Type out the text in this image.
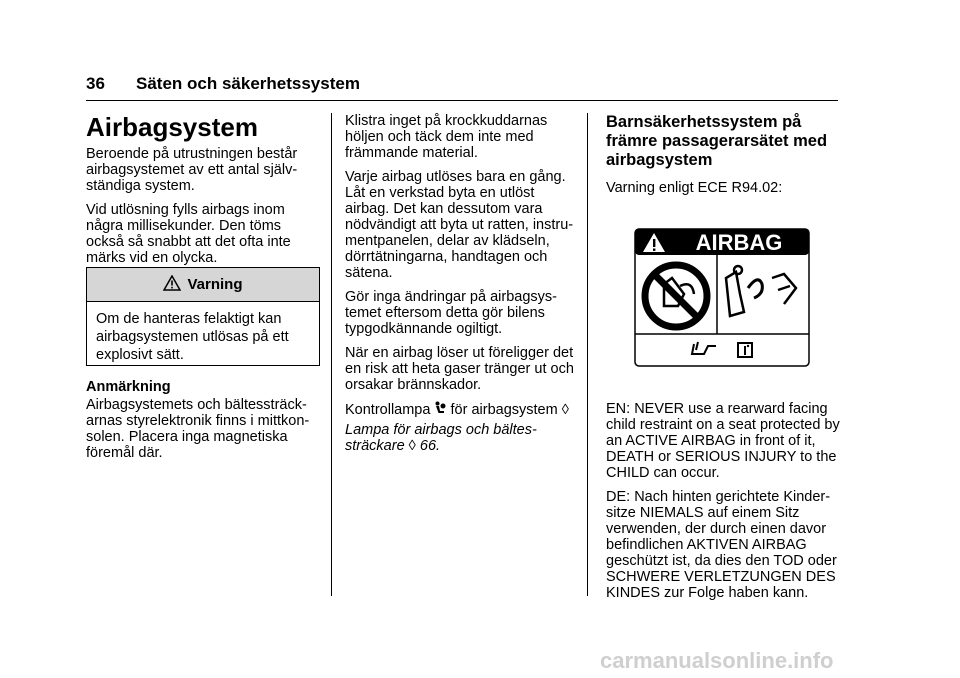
36 Säten och säkerhetssystem
Airbagsystem

Beroende på utrustningen består
airbagsystemet av ett antal själv-
ständiga system.

Vid utlösning fylls airbags inom
några millisekunder. Den töms
också så snabbt att det ofta inte
märks vid en olycka.

Varning
Om de hanteras felaktigt kan
airbagsystemen utlösas på ett
explosivt sätt.
Anmärkning

Airbagsystemets och bältessträck-
arnas styrelektronik finns i mittkon-
solen. Placera inga magnetiska
föremål där.

Klistra inget på krockkuddarnas
höljen och täck dem inte med
främmande material.

Varje airbag utlöses bara en gång.
Låt en verkstad byta en utlöst
airbag. Det kan dessutom vara
nödvändigt att byta ut ratten, instru-
mentpanelen, delar av klädseln,
dörrtätningarna, handtagen och
sätena.

Gör inga ändringar på airbagsys-
temet eftersom detta gör bilens
typgodkännande ogiltigt.

När en airbag löser ut föreligger det
en risk att heta gaser tränger ut och
orsakar brännskador.

Kontrollampa för airbagsystem ◊

Lampa för airbags och bältes-
sträckare ◊ 66.

Barnsäkerhetssystem på
främre passagerarsätet med
airbagsystem

Varning enligt ECE R94.02:

AIRBAG

EN: NEVER use a rearward facing
child restraint on a seat protected by
an ACTIVE AIRBAG in front of it,
DEATH or SERIOUS INJURY to the
CHILD can occur.

DE: Nach hinten gerichtete Kinder-
sitze NIEMALS auf einem Sitz
verwenden, der durch einen davor
befindlichen AKTIVEN AIRBAG
geschützt ist, da dies den TOD oder
SCHWERE VERLETZUNGEN DES
KINDES zur Folge haben kann.

carmanualsonline.info
